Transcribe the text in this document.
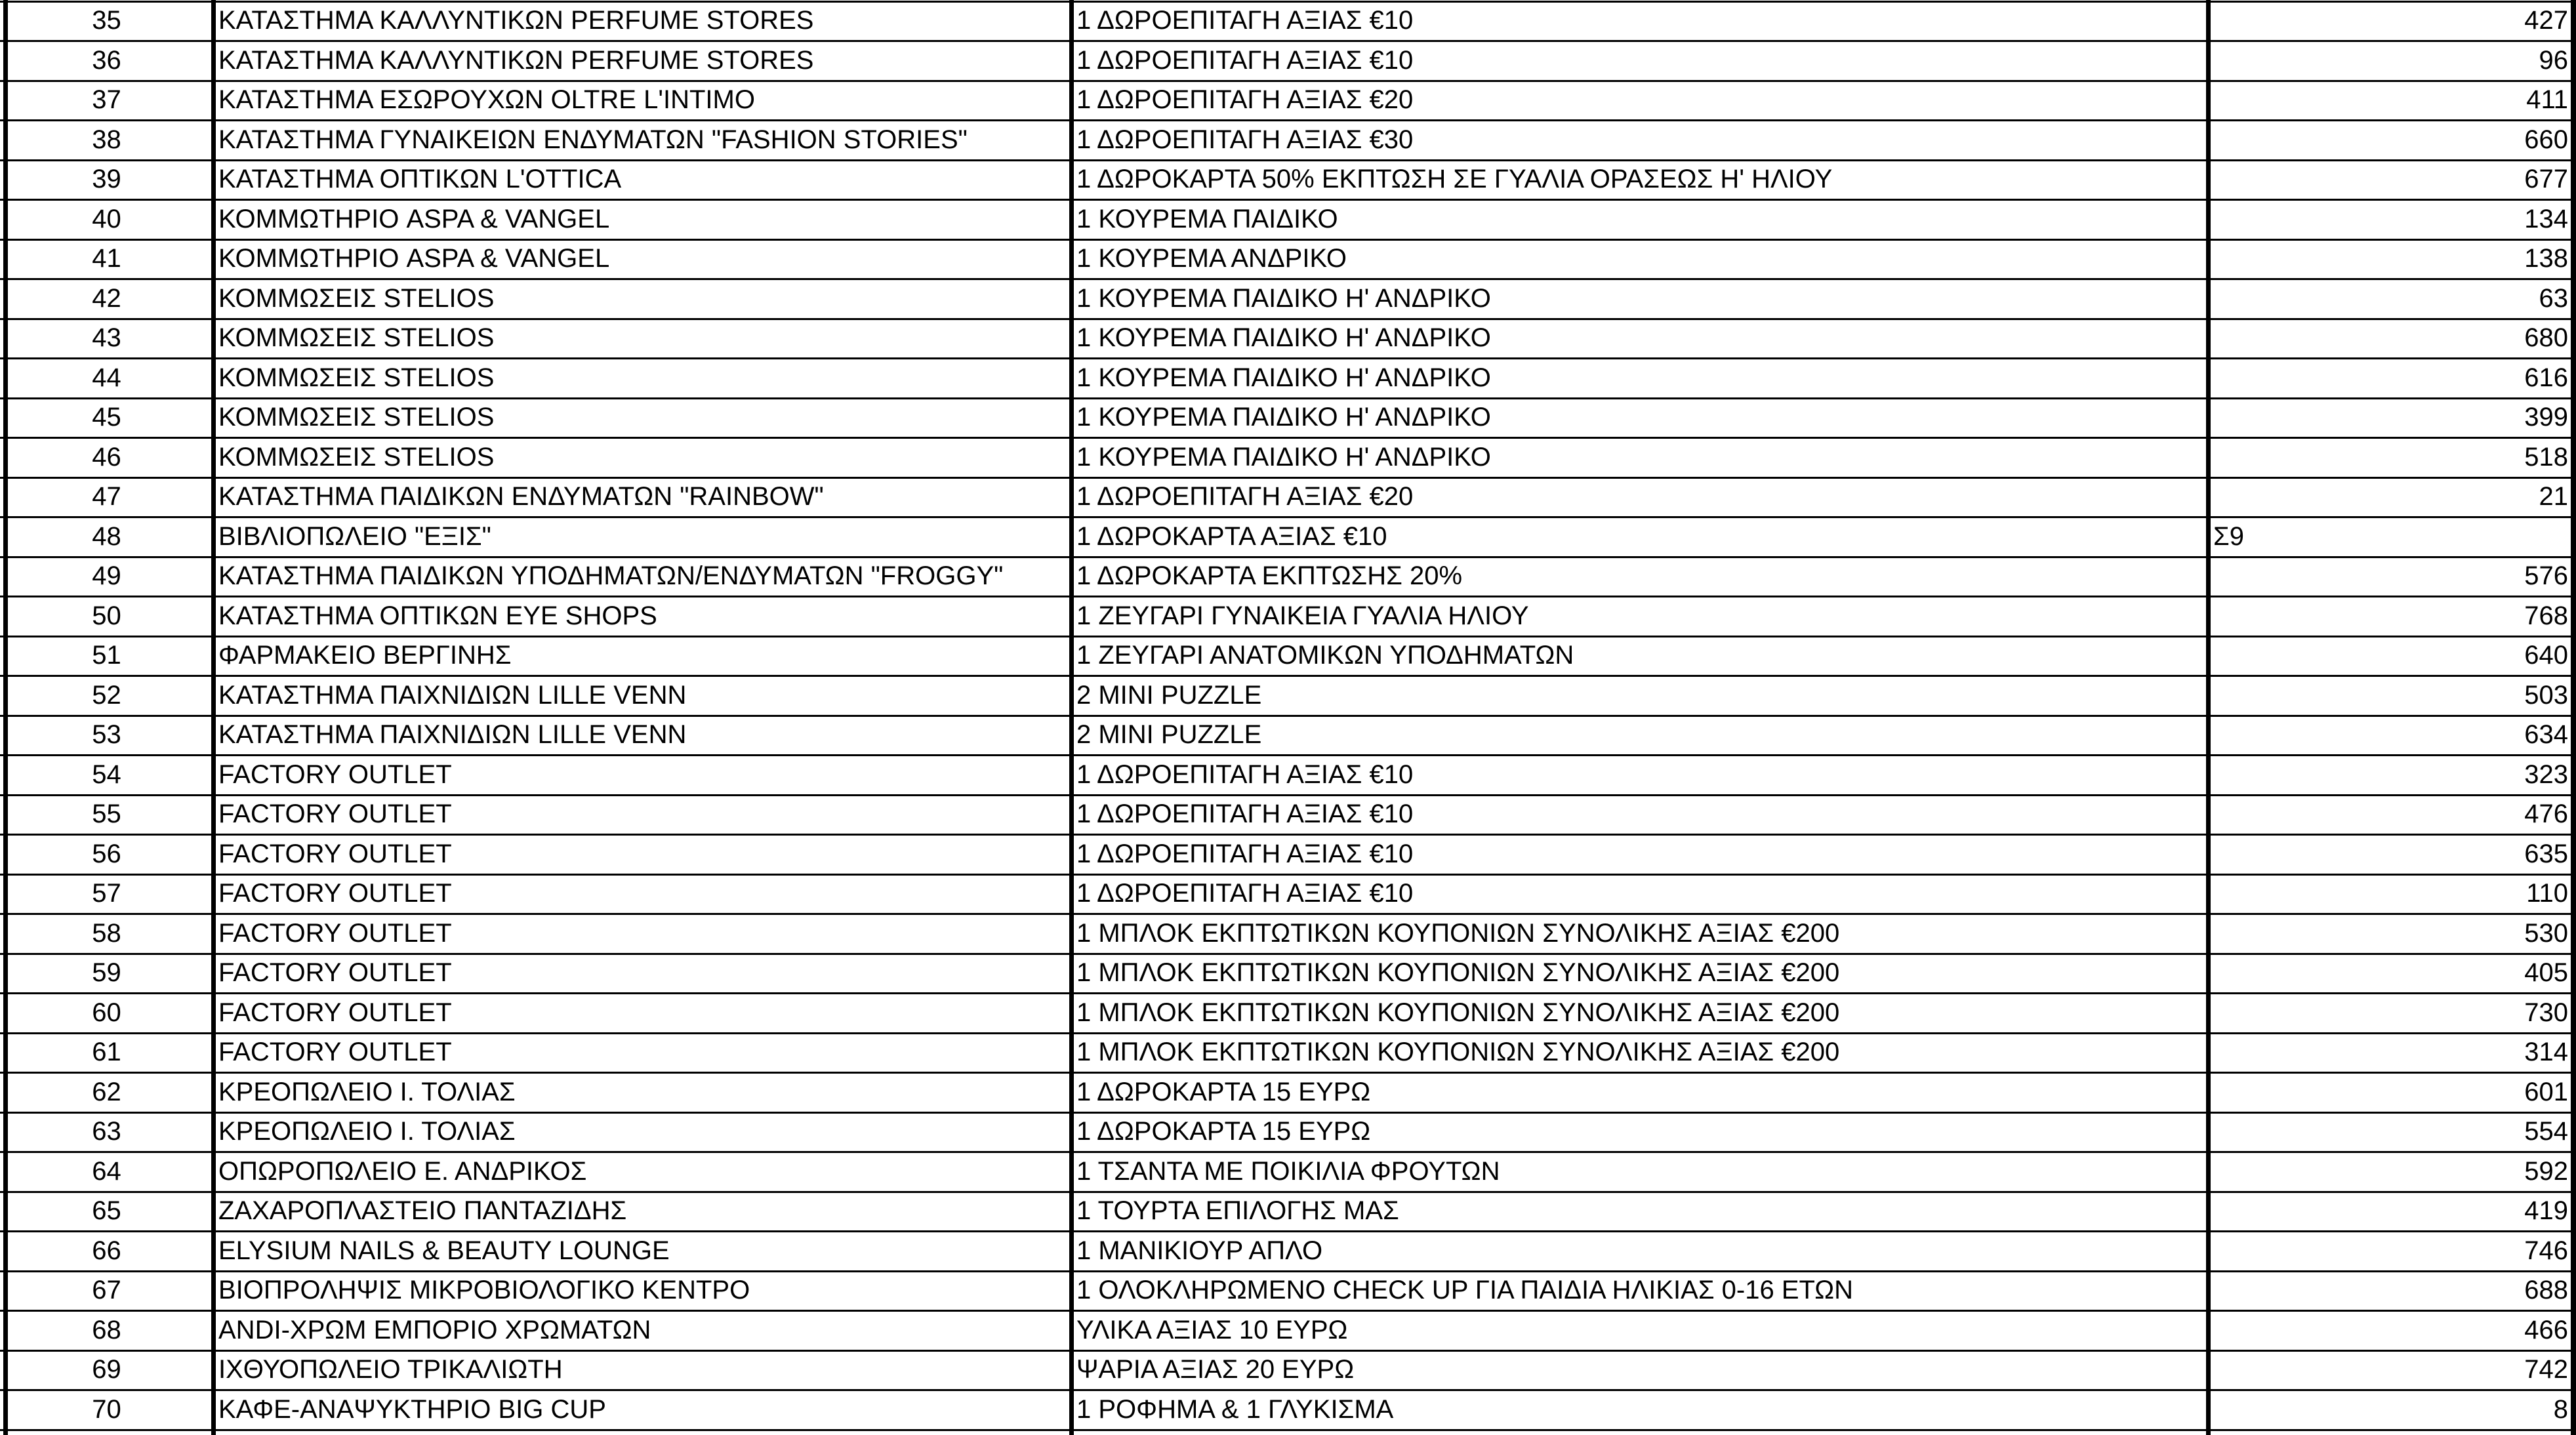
35	ΚΑΤΑΣΤΗΜΑ ΚΑΛΛΥΝΤΙΚΩΝ PERFUME STORES	1 ΔΩΡΟΕΠΙΤΑΓΗ ΑΞΙΑΣ €10	427
36	ΚΑΤΑΣΤΗΜΑ ΚΑΛΛΥΝΤΙΚΩΝ PERFUME STORES	1 ΔΩΡΟΕΠΙΤΑΓΗ ΑΞΙΑΣ €10	96
37	ΚΑΤΑΣΤΗΜΑ ΕΣΩΡΟΥΧΩΝ OLTRE L'INTIMO	1 ΔΩΡΟΕΠΙΤΑΓΗ ΑΞΙΑΣ €20	411
38	ΚΑΤΑΣΤΗΜΑ ΓΥΝΑΙΚΕΙΩΝ ΕΝΔΥΜΑΤΩΝ "FASHION STORIES"	1 ΔΩΡΟΕΠΙΤΑΓΗ ΑΞΙΑΣ €30	660
39	ΚΑΤΑΣΤΗΜΑ ΟΠΤΙΚΩΝ L'OTTICA	1 ΔΩΡΟΚΑΡΤΑ 50% ΕΚΠΤΩΣΗ ΣΕ ΓΥΑΛΙΑ ΟΡΑΣΕΩΣ Η' ΗΛΙΟΥ	677
40	ΚΟΜΜΩΤΗΡΙΟ ASPA & VANGEL	1 ΚΟΥΡΕΜΑ ΠΑΙΔΙΚΟ	134
41	ΚΟΜΜΩΤΗΡΙΟ ASPA & VANGEL	1 ΚΟΥΡΕΜΑ ΑΝΔΡΙΚΟ	138
42	ΚΟΜΜΩΣΕΙΣ STELIOS	1 ΚΟΥΡΕΜΑ ΠΑΙΔΙΚΟ Η' ΑΝΔΡΙΚΟ	63
43	ΚΟΜΜΩΣΕΙΣ STELIOS	1 ΚΟΥΡΕΜΑ ΠΑΙΔΙΚΟ Η' ΑΝΔΡΙΚΟ	680
44	ΚΟΜΜΩΣΕΙΣ STELIOS	1 ΚΟΥΡΕΜΑ ΠΑΙΔΙΚΟ Η' ΑΝΔΡΙΚΟ	616
45	ΚΟΜΜΩΣΕΙΣ STELIOS	1 ΚΟΥΡΕΜΑ ΠΑΙΔΙΚΟ Η' ΑΝΔΡΙΚΟ	399
46	ΚΟΜΜΩΣΕΙΣ STELIOS	1 ΚΟΥΡΕΜΑ ΠΑΙΔΙΚΟ Η' ΑΝΔΡΙΚΟ	518
47	ΚΑΤΑΣΤΗΜΑ ΠΑΙΔΙΚΩΝ ΕΝΔΥΜΑΤΩΝ "RAINBOW"	1 ΔΩΡΟΕΠΙΤΑΓΗ ΑΞΙΑΣ €20	21
48	ΒΙΒΛΙΟΠΩΛΕΙΟ "ΕΞΙΣ"	1 ΔΩΡΟΚΑΡΤΑ ΑΞΙΑΣ €10	Σ9
49	ΚΑΤΑΣΤΗΜΑ ΠΑΙΔΙΚΩΝ ΥΠΟΔΗΜΑΤΩΝ/ΕΝΔΥΜΑΤΩΝ "FROGGY"	1 ΔΩΡΟΚΑΡΤΑ ΕΚΠΤΩΣΗΣ 20%	576
50	ΚΑΤΑΣΤΗΜΑ ΟΠΤΙΚΩΝ EYE SHOPS	1 ΖΕΥΓΑΡΙ ΓΥΝΑΙΚΕΙΑ ΓΥΑΛΙΑ ΗΛΙΟΥ	768
51	ΦΑΡΜΑΚΕΙΟ ΒΕΡΓΙΝΗΣ	1 ΖΕΥΓΑΡΙ ΑΝΑΤΟΜΙΚΩΝ ΥΠΟΔΗΜΑΤΩΝ	640
52	ΚΑΤΑΣΤΗΜΑ ΠΑΙΧΝΙΔΙΩΝ LILLE VENN	2 MINI PUZZLE	503
53	ΚΑΤΑΣΤΗΜΑ ΠΑΙΧΝΙΔΙΩΝ LILLE VENN	2 MINI PUZZLE	634
54	FACTORY OUTLET	1 ΔΩΡΟΕΠΙΤΑΓΗ ΑΞΙΑΣ €10	323
55	FACTORY OUTLET	1 ΔΩΡΟΕΠΙΤΑΓΗ ΑΞΙΑΣ €10	476
56	FACTORY OUTLET	1 ΔΩΡΟΕΠΙΤΑΓΗ ΑΞΙΑΣ €10	635
57	FACTORY OUTLET	1 ΔΩΡΟΕΠΙΤΑΓΗ ΑΞΙΑΣ €10	110
58	FACTORY OUTLET	1 ΜΠΛΟΚ ΕΚΠΤΩΤΙΚΩΝ ΚΟΥΠΟΝΙΩΝ ΣΥΝΟΛΙΚΗΣ ΑΞΙΑΣ €200	530
59	FACTORY OUTLET	1 ΜΠΛΟΚ ΕΚΠΤΩΤΙΚΩΝ ΚΟΥΠΟΝΙΩΝ ΣΥΝΟΛΙΚΗΣ ΑΞΙΑΣ €200	405
60	FACTORY OUTLET	1 ΜΠΛΟΚ ΕΚΠΤΩΤΙΚΩΝ ΚΟΥΠΟΝΙΩΝ ΣΥΝΟΛΙΚΗΣ ΑΞΙΑΣ €200	730
61	FACTORY OUTLET	1 ΜΠΛΟΚ ΕΚΠΤΩΤΙΚΩΝ ΚΟΥΠΟΝΙΩΝ ΣΥΝΟΛΙΚΗΣ ΑΞΙΑΣ €200	314
62	ΚΡΕΟΠΩΛΕΙΟ Ι. ΤΟΛΙΑΣ	1 ΔΩΡΟΚΑΡΤΑ 15 ΕΥΡΩ	601
63	ΚΡΕΟΠΩΛΕΙΟ Ι. ΤΟΛΙΑΣ	1 ΔΩΡΟΚΑΡΤΑ 15 ΕΥΡΩ	554
64	ΟΠΩΡΟΠΩΛΕΙΟ Ε. ΑΝΔΡΙΚΟΣ	1 ΤΣΑΝΤΑ ΜΕ ΠΟΙΚΙΛΙΑ ΦΡΟΥΤΩΝ	592
65	ΖΑΧΑΡΟΠΛΑΣΤΕΙΟ ΠΑΝΤΑΖΙΔΗΣ	1 ΤΟΥΡΤΑ ΕΠΙΛΟΓΗΣ ΜΑΣ	419
66	ELYSIUM NAILS & BEAUTY LOUNGE	1 ΜΑΝΙΚΙΟΥΡ ΑΠΛΟ	746
67	ΒΙΟΠΡΟΛΗΨΙΣ ΜΙΚΡΟΒΙΟΛΟΓΙΚΟ ΚΕΝΤΡΟ	1 ΟΛΟΚΛΗΡΩΜΕΝΟ CHECK UP ΓΙΑ ΠΑΙΔΙΑ ΗΛΙΚΙΑΣ 0-16 ΕΤΩΝ	688
68	ANDI-ΧΡΩΜ ΕΜΠΟΡΙΟ ΧΡΩΜΑΤΩΝ	ΥΛΙΚΑ ΑΞΙΑΣ 10 ΕΥΡΩ	466
69	ΙΧΘΥΟΠΩΛΕΙΟ ΤΡΙΚΑΛΙΩΤΗ	ΨΑΡΙΑ ΑΞΙΑΣ 20 ΕΥΡΩ	742
70	ΚΑΦΕ-ΑΝΑΨΥΚΤΗΡΙΟ BIG CUP	1 ΡΟΦΗΜΑ & 1 ΓΛΥΚΙΣΜΑ	8
